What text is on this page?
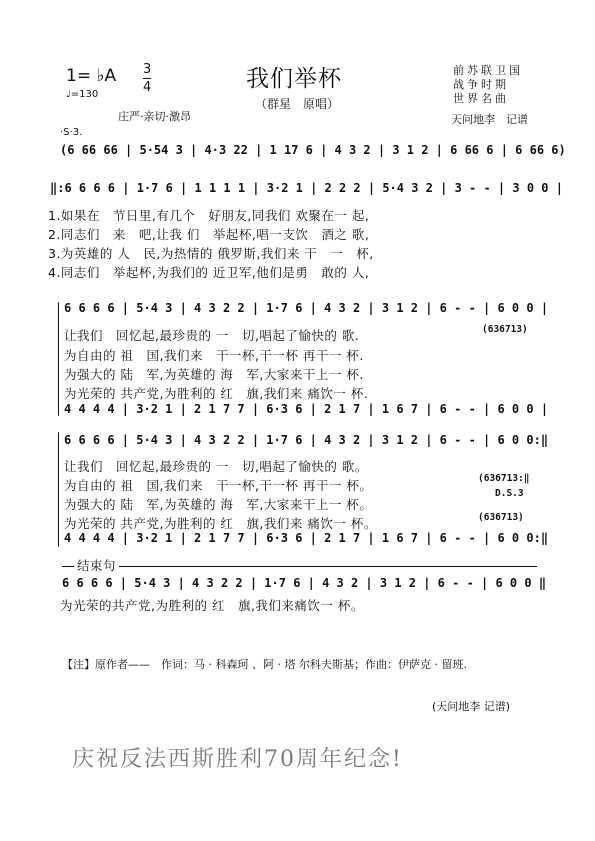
1= ♭A
♩=130
3
4	我们举杯
（群星　原唱）
庄严·亲切·激昂
前苏联卫国
战争时期
世界名曲
天问地李　记谱
·S·3.
(6 66 66 | 5·54 3 | 4·3 22 | 1 17 6 | 4 3 2 | 3 1 2 | 6 66 6 | 6 66 6)
‖:6 6 6 6 | 1·7 6 | 1 1 1 1 | 3·2 1 | 2 2 2 | 5·4 3 2 | 3 - - | 3 0 0 |
1.如果在　节日里,有几个　好朋友,同我们 欢聚在一 起,
2.同志们　来　吧,让我 们　举起杯,唱一支饮　酒之 歌,
3.为英雄的 人　民,为热情的 俄罗斯,我们来 干　一　杯,
4.同志们　举起杯,为我们的 近卫军,他们是勇　敢的 人,
6 6 6 6 | 5·4 3 | 4 3 2 2 | 1·7 6 | 4 3 2 | 3 1 2 | 6 - - | 6 0 0 |
让我们　回忆起,最珍贵的 一　切,唱起了愉快的 歌.	(636713)
为自由的 祖　国,我们来　干一杯,干一杯 再干一 杯.
为强大的 陆　军,为英雄的 海　军,大家来干上一 杯.
为光荣的 共产党,为胜利的 红　旗,我们来 痛饮一 杯.
4 4 4 4 | 3·2 1 | 2 1 7 7 | 6·3 6 | 2 1 7 | 1 6 7 | 6 - - | 6 0 0 |
6 6 6 6 | 5·4 3 | 4 3 2 2 | 1·7 6 | 4 3 2 | 3 1 2 | 6 - - | 6 0 0:‖
让我们　回忆起,最珍贵的 一　切,唱起了愉快的 歌。
为自由的 祖　国,我们来　干一杯,干一杯 再干一 杯。	(636713:‖
D.S.3
为强大的 陆　军,为英雄的 海　军,大家来干上一 杯。
为光荣的 共产党,为胜利的 红　旗,我们来 痛饮一 杯。	(636713)
4 4 4 4 | 3·2 1 | 2 1 7 7 | 6·3 6 | 2 1 7 | 1 6 7 | 6 - - | 6 0 0:‖
结束句
6 6 6 6 | 5·4 3 | 4 3 2 2 | 1·7 6 | 4 3 2 | 3 1 2 | 6 - - | 6 0 0 ‖
为光荣的共产党,为胜利的 红　旗,我们来痛饮一 杯。
【注】原作者——　作词：马 · 科森珂 、阿 · 塔 尔科夫斯基；作曲：伊萨克 · 留班.
(天问地李 记谱)
庆祝反法西斯胜利70周年纪念!
